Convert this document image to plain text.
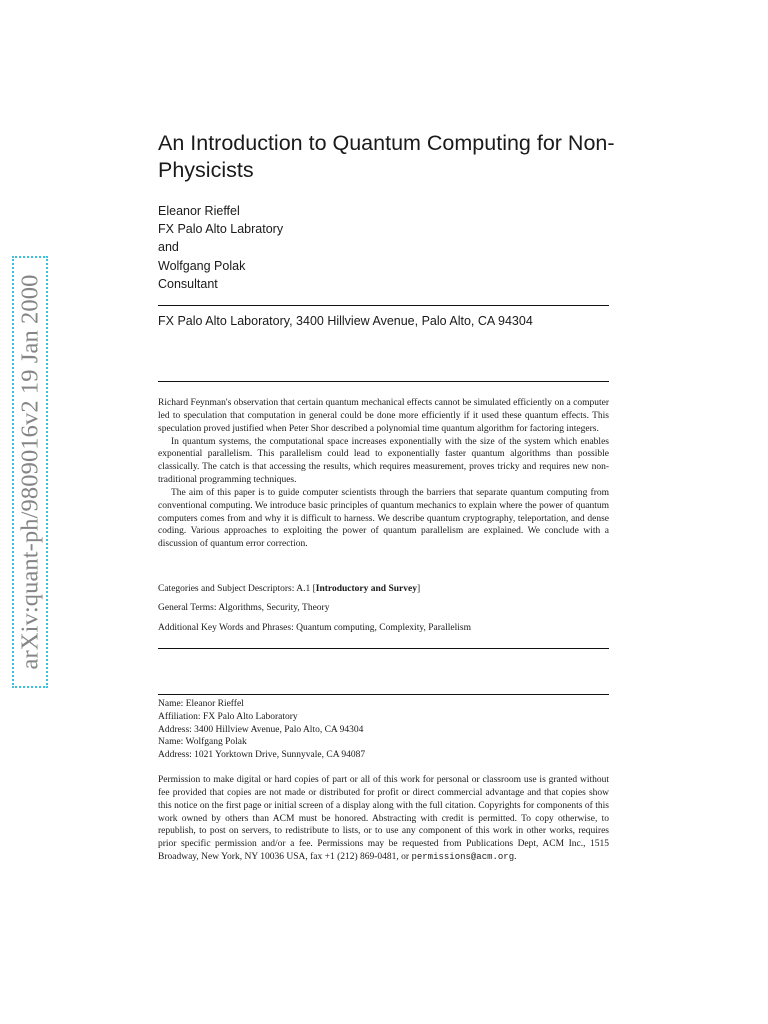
arXiv:quant-ph/9809016v2 19 Jan 2000
An Introduction to Quantum Computing for Non-Physicists
Eleanor Rieffel
FX Palo Alto Labratory
and
Wolfgang Polak
Consultant
FX Palo Alto Laboratory, 3400 Hillview Avenue, Palo Alto, CA 94304

Richard Feynman's observation that certain quantum mechanical effects cannot be simulated efficiently on a computer led to speculation that computation in general could be done more efficiently if it used these quantum effects. This speculation proved justified when Peter Shor described a polynomial time quantum algorithm for factoring integers.

In quantum systems, the computational space increases exponentially with the size of the system which enables exponential parallelism. This parallelism could lead to exponentially faster quantum algorithms than possible classically. The catch is that accessing the results, which requires measurement, proves tricky and requires new non-traditional programming techniques.

The aim of this paper is to guide computer scientists through the barriers that separate quantum computing from conventional computing. We introduce basic principles of quantum mechanics to explain where the power of quantum computers comes from and why it is difficult to harness. We describe quantum cryptography, teleportation, and dense coding. Various approaches to exploiting the power of quantum parallelism are explained. We conclude with a discussion of quantum error correction.

Categories and Subject Descriptors: A.1 [Introductory and Survey]
General Terms: Algorithms, Security, Theory
Additional Key Words and Phrases: Quantum computing, Complexity, Parallelism
Name: Eleanor Rieffel
Affiliation: FX Palo Alto Laboratory
Address: 3400 Hillview Avenue, Palo Alto, CA 94304
Name: Wolfgang Polak
Address: 1021 Yorktown Drive, Sunnyvale, CA 94087
Permission to make digital or hard copies of part or all of this work for personal or classroom use is granted without fee provided that copies are not made or distributed for profit or direct commercial advantage and that copies show this notice on the first page or initial screen of a display along with the full citation. Copyrights for components of this work owned by others than ACM must be honored. Abstracting with credit is permitted. To copy otherwise, to republish, to post on servers, to redistribute to lists, or to use any component of this work in other works, requires prior specific permission and/or a fee. Permissions may be requested from Publications Dept, ACM Inc., 1515 Broadway, New York, NY 10036 USA, fax +1 (212) 869-0481, or permissions@acm.org.
